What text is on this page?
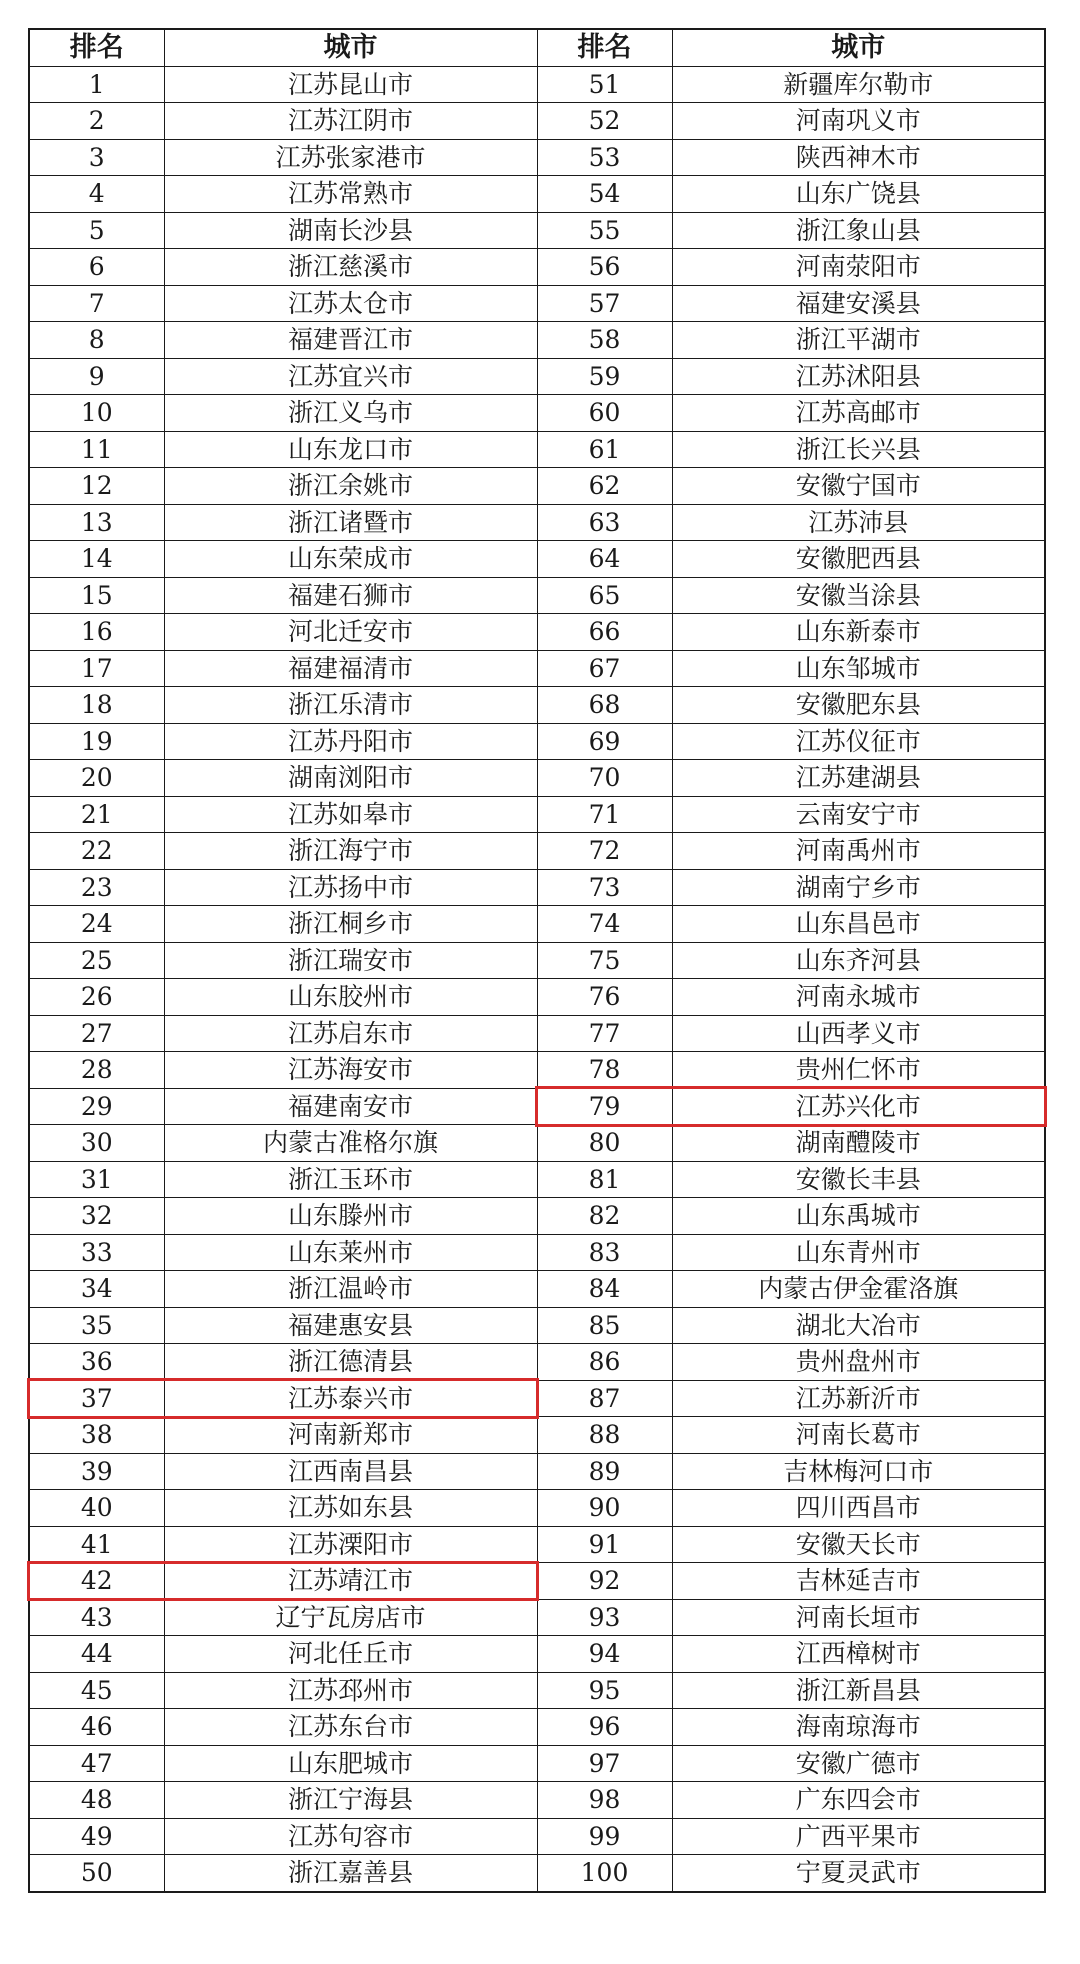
排名	城市	排名	城市
1	江苏昆山市	51	新疆库尔勒市
2	江苏江阴市	52	河南巩义市
3	江苏张家港市	53	陕西神木市
4	江苏常熟市	54	山东广饶县
5	湖南长沙县	55	浙江象山县
6	浙江慈溪市	56	河南荥阳市
7	江苏太仓市	57	福建安溪县
8	福建晋江市	58	浙江平湖市
9	江苏宜兴市	59	江苏沭阳县
10	浙江义乌市	60	江苏高邮市
11	山东龙口市	61	浙江长兴县
12	浙江余姚市	62	安徽宁国市
13	浙江诸暨市	63	江苏沛县
14	山东荣成市	64	安徽肥西县
15	福建石狮市	65	安徽当涂县
16	河北迁安市	66	山东新泰市
17	福建福清市	67	山东邹城市
18	浙江乐清市	68	安徽肥东县
19	江苏丹阳市	69	江苏仪征市
20	湖南浏阳市	70	江苏建湖县
21	江苏如皋市	71	云南安宁市
22	浙江海宁市	72	河南禹州市
23	江苏扬中市	73	湖南宁乡市
24	浙江桐乡市	74	山东昌邑市
25	浙江瑞安市	75	山东齐河县
26	山东胶州市	76	河南永城市
27	江苏启东市	77	山西孝义市
28	江苏海安市	78	贵州仁怀市
29	福建南安市	79	江苏兴化市
30	内蒙古准格尔旗	80	湖南醴陵市
31	浙江玉环市	81	安徽长丰县
32	山东滕州市	82	山东禹城市
33	山东莱州市	83	山东青州市
34	浙江温岭市	84	内蒙古伊金霍洛旗
35	福建惠安县	85	湖北大冶市
36	浙江德清县	86	贵州盘州市
37	江苏泰兴市	87	江苏新沂市
38	河南新郑市	88	河南长葛市
39	江西南昌县	89	吉林梅河口市
40	江苏如东县	90	四川西昌市
41	江苏溧阳市	91	安徽天长市
42	江苏靖江市	92	吉林延吉市
43	辽宁瓦房店市	93	河南长垣市
44	河北任丘市	94	江西樟树市
45	江苏邳州市	95	浙江新昌县
46	江苏东台市	96	海南琼海市
47	山东肥城市	97	安徽广德市
48	浙江宁海县	98	广东四会市
49	江苏句容市	99	广西平果市
50	浙江嘉善县	100	宁夏灵武市
